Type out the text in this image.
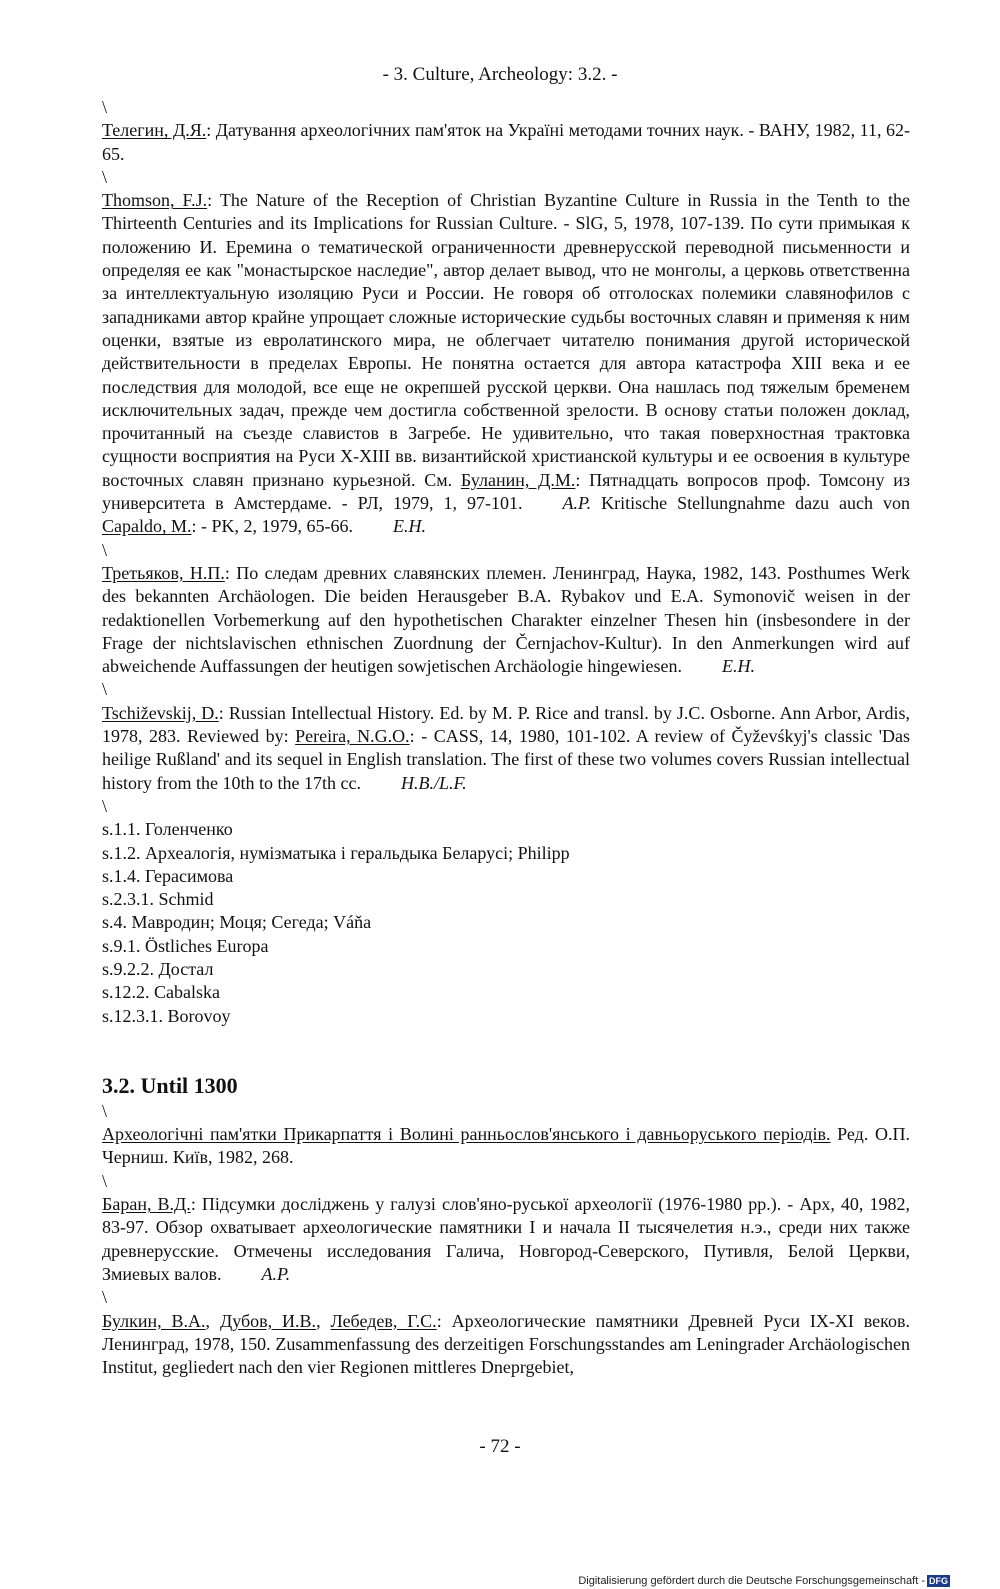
- 3. Culture, Archeology: 3.2. -
\

Телегин, Д.Я.: Датування археологічних пам'яток на Україні методами точних наук. - ВАНУ, 1982, 11, 62-65.

\

Thomson, F.J.: The Nature of the Reception of Christian Byzantine Culture in Russia in the Tenth to the Thirteenth Centuries and its Implications for Russian Culture. - SlG, 5, 1978, 107-139. По сути примыкая к положению И. Еремина о тематической ограниченности древнерусской переводной письменности и определяя ее как "монастырское наследие", автор делает вывод, что не монголы, а церковь ответственна за интеллектуальную изоляцию Руси и России. Не говоря об отголосках полемики славянофилов с западниками автор крайне упрощает сложные исторические судьбы восточных славян и применяя к ним оценки, взятые из евролатинского мира, не облегчает читателю понимания другой исторической действительности в пределах Европы. Не понятна остается для автора катастрофа XIII века и ее последствия для молодой, все еще не окрепшей русской церкви. Она нашлась под тяжелым бременем исключительных задач, прежде чем достигла собственной зрелости. В основу статьи положен доклад, прочитанный на съезде славистов в Загребе. Не удивительно, что такая поверхностная трактовка сущности восприятия на Руси X-XIII вв. византийской христианской культуры и ее освоения в культуре восточных славян признано курьезной. См. Буланин, Д.М.: Пятнадцать вопросов проф. Томсону из университета в Амстердаме. - РЛ, 1979, 1, 97-101. A.P. Kritische Stellungnahme dazu auch von Capaldo, M.: - PK, 2, 1979, 65-66. E.H.

\

Третьяков, Н.П.: По следам древних славянских племен. Ленинград, Наука, 1982, 143. Posthumes Werk des bekannten Archäologen. Die beiden Herausgeber B.A. Rybakov und E.A. Symonovič weisen in der redaktionellen Vorbemerkung auf den hypothetischen Charakter einzelner Thesen hin (insbesondere in der Frage der nichtslavischen ethnischen Zuordnung der Černjachov-Kultur). In den Anmerkungen wird auf abweichende Auffassungen der heutigen sowjetischen Archäologie hingewiesen. E.H.

\

Tschiževskij, D.: Russian Intellectual History. Ed. by M. P. Rice and transl. by J.C. Osborne. Ann Arbor, Ardis, 1978, 283. Reviewed by: Pereira, N.G.O.: - CASS, 14, 1980, 101-102. A review of Čyževśkyj's classic 'Das heilige Rußland' and its sequel in English translation. The first of these two volumes covers Russian intellectual history from the 10th to the 17th cc. H.B./L.F.

\

s.1.1. Голенченко

s.1.2. Археалогія, нумізматыка і геральдыка Беларусі; Philipp

s.1.4. Герасимова

s.2.3.1. Schmid

s.4. Мавродин; Моця; Сегеда; Váňa

s.9.1. Östliches Europa

s.9.2.2. Достал

s.12.2. Cabalska

s.12.3.1. Borovoy

3.2. Until 1300
\

Археологічні пам'ятки Прикарпаття і Волині ранньослов'янського і давньоруського періодів. Ред. О.П. Черниш. Київ, 1982, 268.

\

Баран, В.Д.: Підсумки досліджень у галузі слов'яно-руської археології (1976-1980 рр.). - Арх, 40, 1982, 83-97. Обзор охватывает археологические памятники I и начала II тысячелетия н.э., среди них также древнерусские. Отмечены исследования Галича, Новгород-Северского, Путивля, Белой Церкви, Змиевых валов. A.P.

\

Булкин, В.А., Дубов, И.В., Лебедев, Г.С.: Археологические памятники Древней Руси IX-XI веков. Ленинград, 1978, 150. Zusammenfassung des derzeitigen Forschungsstandes am Leningrader Archäologischen Institut, gegliedert nach den vier Regionen mittleres Dneprgebiet,

- 72 -
Digitalisierung gefördert durch die Deutsche Forschungsgemeinschaft - DFG
